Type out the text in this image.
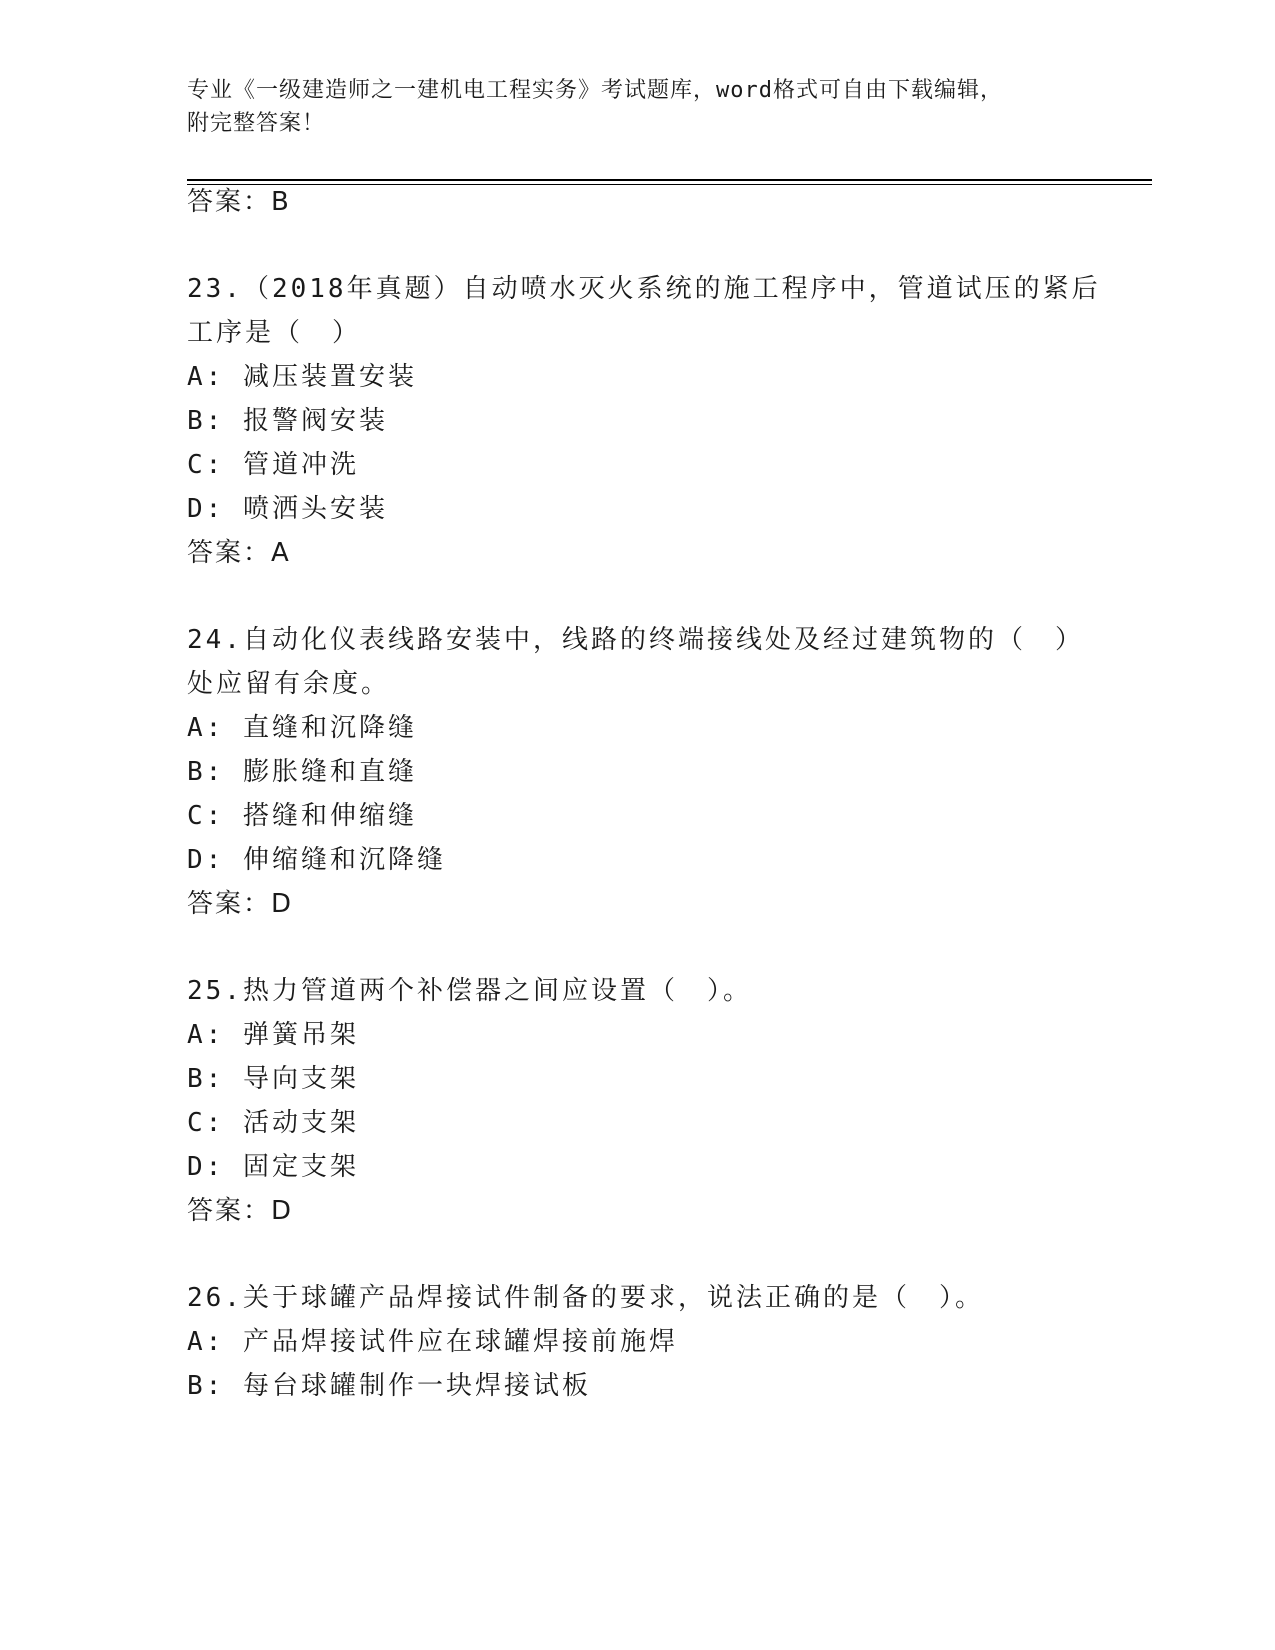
专业《一级建造师之一建机电工程实务》考试题库，word格式可自由下载编辑，
附完整答案！
答案：B
23.（2018年真题）自动喷水灭火系统的施工程序中，管道试压的紧后
工序是（　）
A: 减压装置安装
B: 报警阀安装
C: 管道冲洗
D: 喷洒头安装
答案：A
24.自动化仪表线路安装中，线路的终端接线处及经过建筑物的（　）
处应留有余度。
A: 直缝和沉降缝
B: 膨胀缝和直缝
C: 搭缝和伸缩缝
D: 伸缩缝和沉降缝
答案：D
25.热力管道两个补偿器之间应设置（　）。
A: 弹簧吊架
B: 导向支架
C: 活动支架
D: 固定支架
答案：D
26.关于球罐产品焊接试件制备的要求，说法正确的是（　）。
A: 产品焊接试件应在球罐焊接前施焊
B: 每台球罐制作一块焊接试板
